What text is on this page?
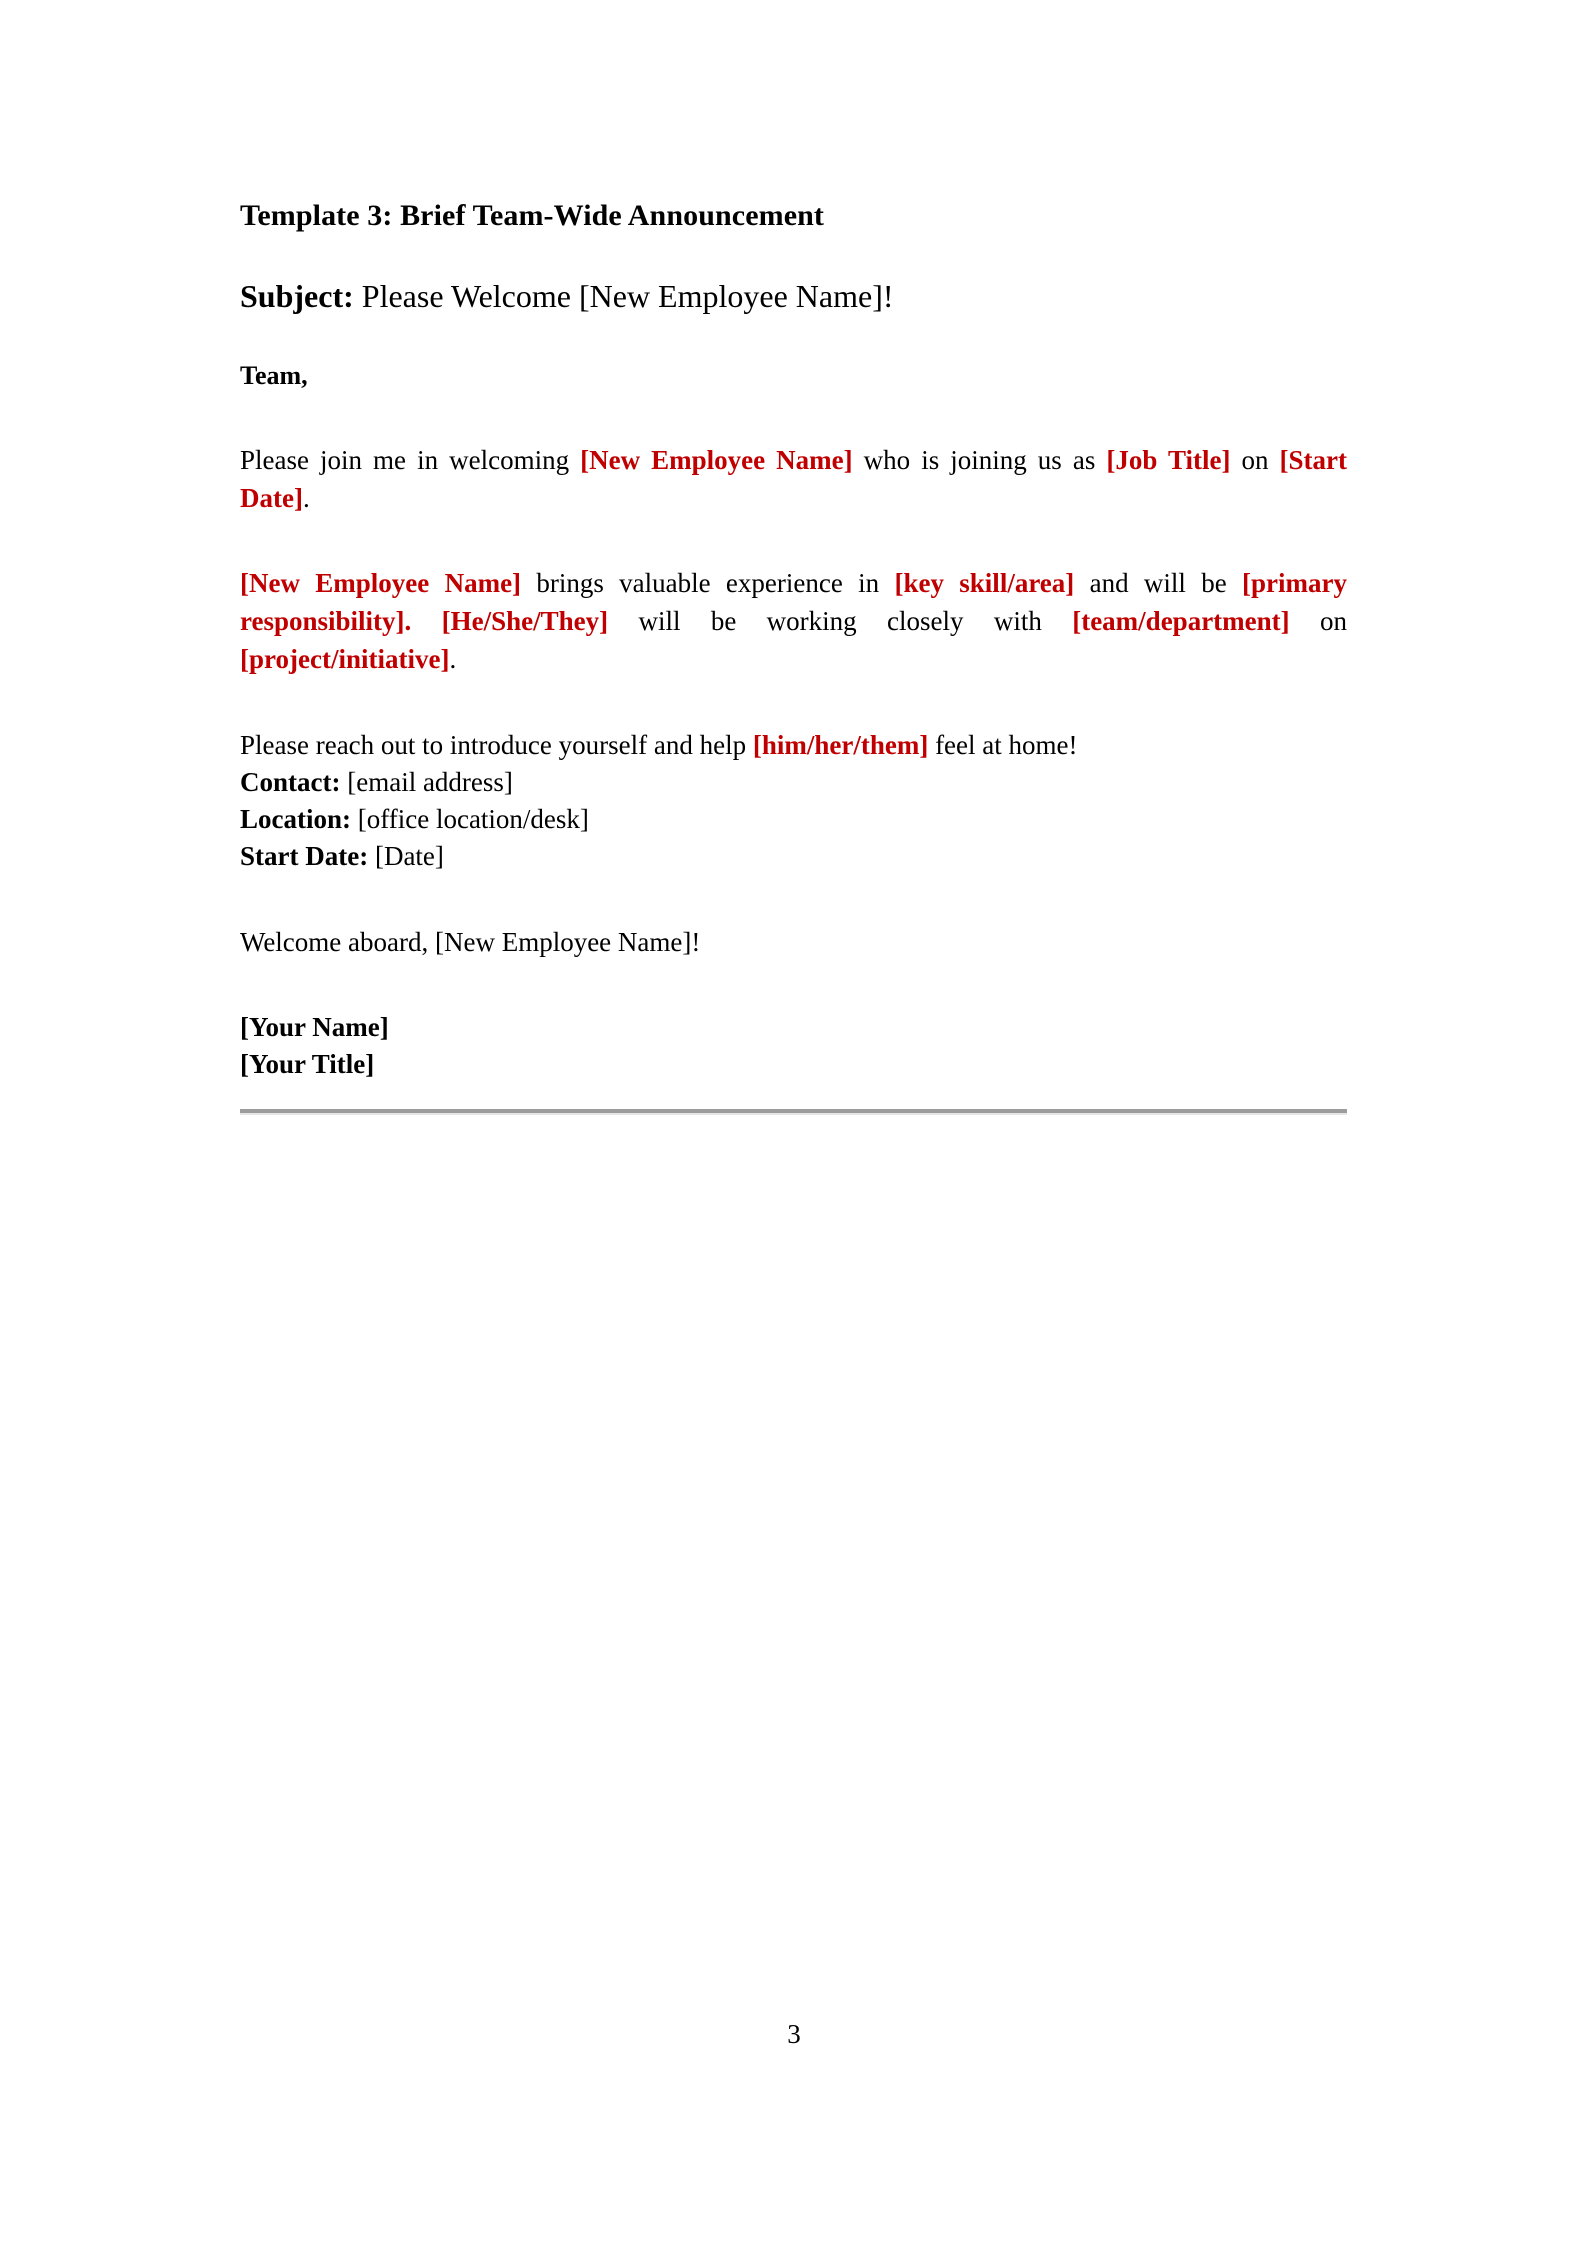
Template 3: Brief Team-Wide Announcement

Subject: Please Welcome [New Employee Name]!

Team,

Please join me in welcoming [New Employee Name] who is joining us as [Job Title] on [Start Date].

[New Employee Name] brings valuable experience in [key skill/area] and will be [primary responsibility]. [He/She/They] will be working closely with [team/department] on [project/initiative].

Please reach out to introduce yourself and help [him/her/them] feel at home!

Contact: [email address]

Location: [office location/desk]

Start Date: [Date]

Welcome aboard, [New Employee Name]!

[Your Name]

[Your Title]

3
